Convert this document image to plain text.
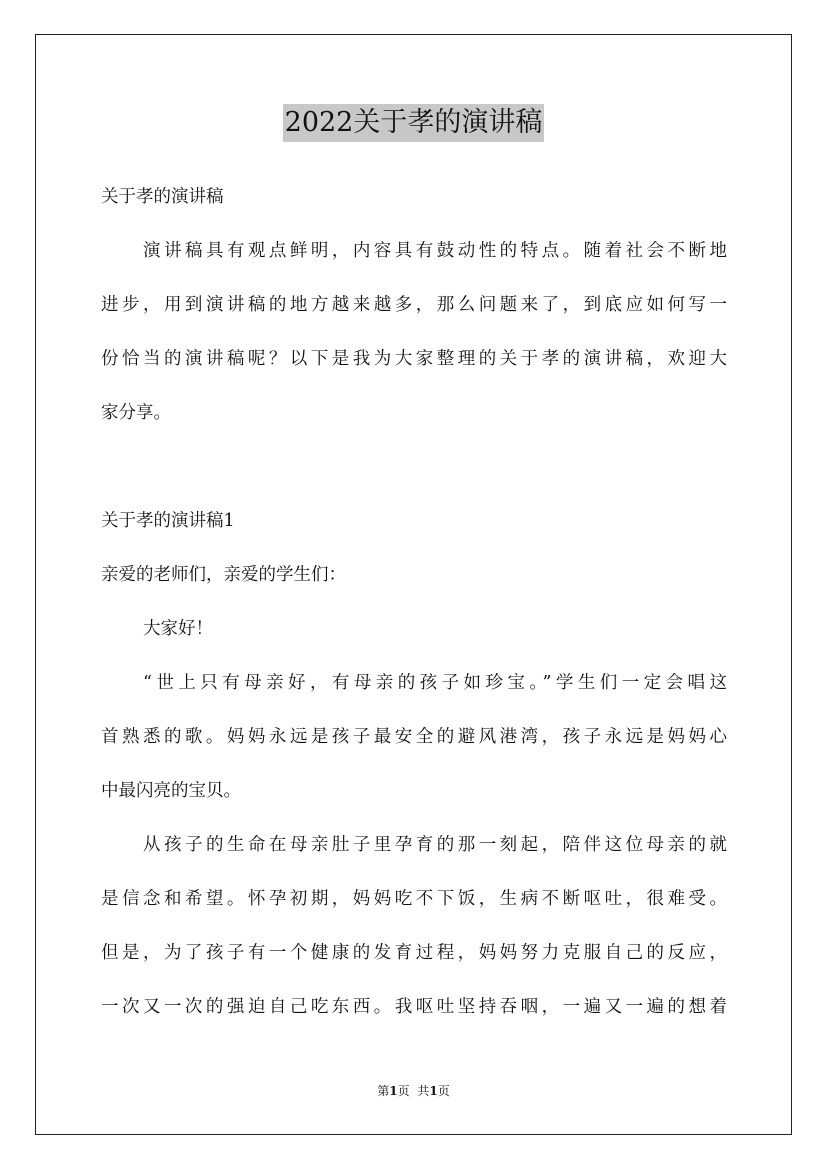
2022关于孝的演讲稿
关于孝的演讲稿
演讲稿具有观点鲜明，内容具有鼓动性的特点。随着社会不断地
进步，用到演讲稿的地方越来越多，那么问题来了，到底应如何写一
份恰当的演讲稿呢？以下是我为大家整理的关于孝的演讲稿，欢迎大
家分享。
关于孝的演讲稿1
亲爱的老师们，亲爱的学生们：
大家好！
“世上只有母亲好，有母亲的孩子如珍宝。”学生们一定会唱这
首熟悉的歌。妈妈永远是孩子最安全的避风港湾，孩子永远是妈妈心
中最闪亮的宝贝。
从孩子的生命在母亲肚子里孕育的那一刻起，陪伴这位母亲的就
是信念和希望。怀孕初期，妈妈吃不下饭，生病不断呕吐，很难受。
但是，为了孩子有一个健康的发育过程，妈妈努力克服自己的反应，
一次又一次的强迫自己吃东西。我呕吐坚持吞咽，一遍又一遍的想着
第1页 共1页
